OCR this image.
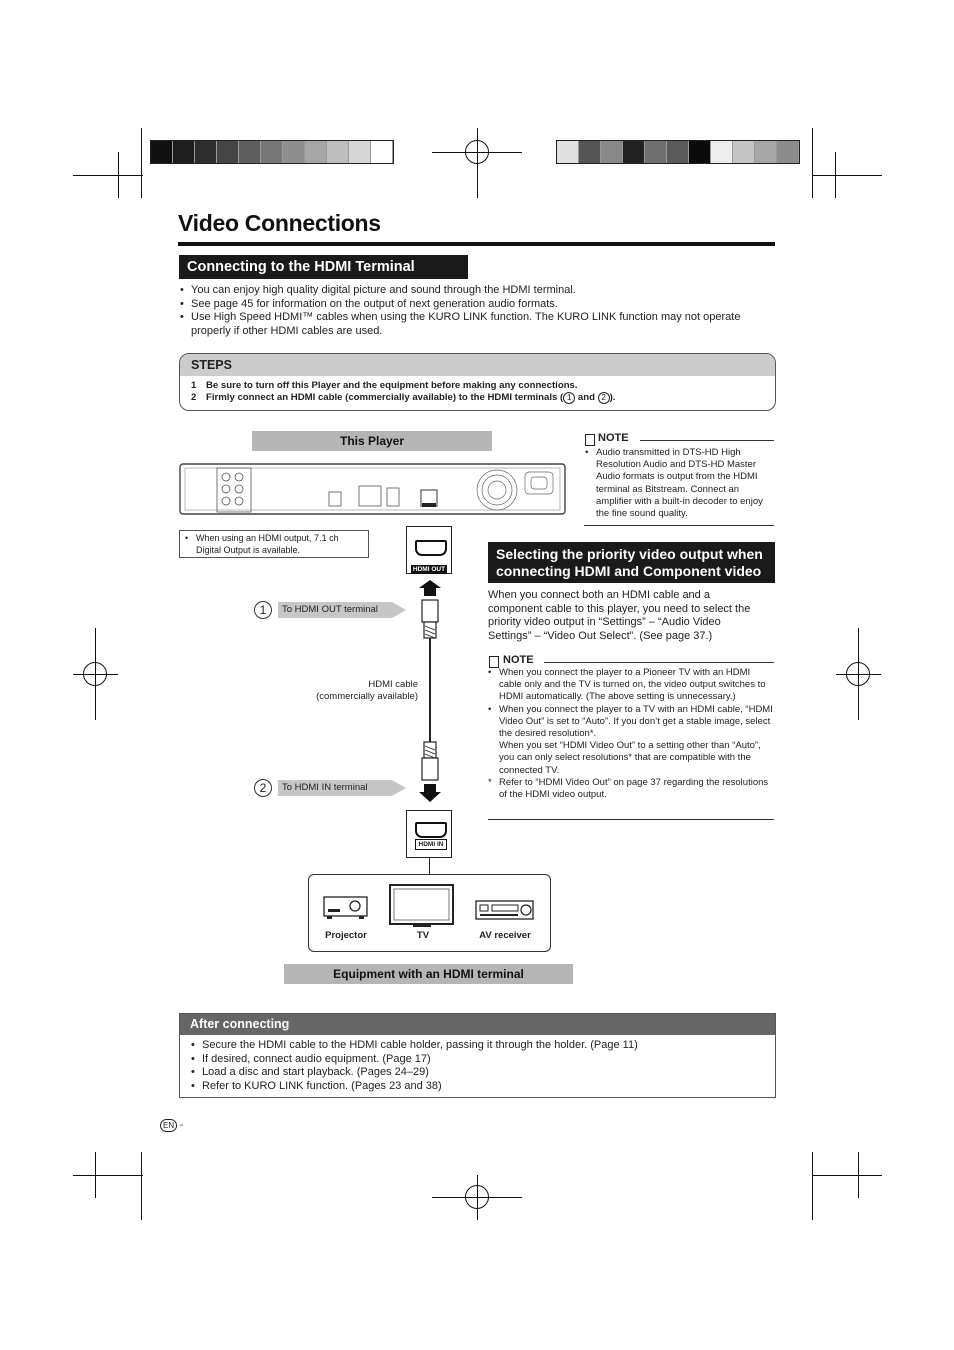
Video Connections
Connecting to the HDMI Terminal
• You can enjoy high quality digital picture and sound through the HDMI terminal.
• See page 45 for information on the output of next generation audio formats.
• Use High Speed HDMI™ cables when using the KURO LINK function. The KURO LINK function may not operate properly if other HDMI cables are used.
STEPS
1 Be sure to turn off this Player and the equipment before making any connections.
2 Firmly connect an HDMI cable (commercially available) to the HDMI terminals ( 1 and 2 ).
This Player
• When using an HDMI output, 7.1 ch Digital Output is available.
HDMI OUT
1	To HDMI OUT terminal
HDMI cable
(commercially available)
2	To HDMI IN terminal
HDMI IN
Projector	TV	AV receiver
Equipment with an HDMI terminal
NOTE
• Audio transmitted in DTS-HD High Resolution Audio and DTS-HD Master Audio formats is output from the HDMI terminal as Bitstream. Connect an amplifier with a built-in decoder to enjoy the fine sound quality.
Selecting the priority video output when
connecting HDMI and Component video
When you connect both an HDMI cable and a component cable to this player, you need to select the priority video output in “Settings” – “Audio Video Settings” – “Video Out Select”. (See page 37.)
NOTE
• When you connect the player to a Pioneer TV with an HDMI cable only and the TV is turned on, the video output switches to HDMI automatically. (The above setting is unnecessary.)
• When you connect the player to a TV with an HDMI cable, “HDMI Video Out” is set to “Auto”. If you don’t get a stable image, select the desired resolution*.
When you set “HDMI Video Out” to a setting other than “Auto”, you can only select resolutions* that are compatible with the connected TV.
* Refer to “HDMI Video Out” on page 37 regarding the resolutions of the HDMI video output.
After connecting
• Secure the HDMI cable to the HDMI cable holder, passing it through the holder. (Page 11)
• If desired, connect audio equipment. (Page 17)
• Load a disc and start playback. (Pages 24–29)
• Refer to KURO LINK function. (Pages 23 and 38)
EN -
